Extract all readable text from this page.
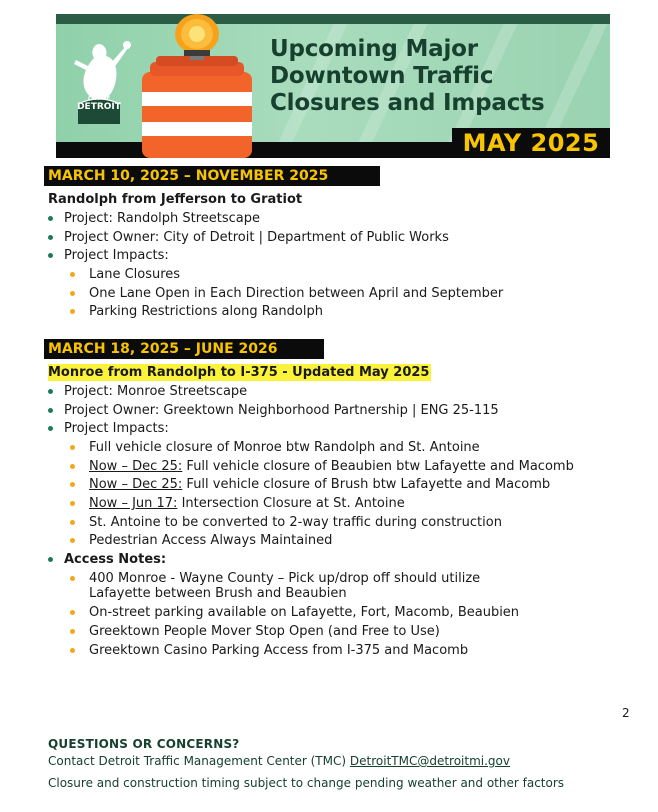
CITY OF
DETROIT
Upcoming Major
Downtown Traffic
Closures and Impacts
MAY 2025
MARCH 10, 2025 – NOVEMBER 2025
Randolph from Jefferson to Gratiot
Project: Randolph Streetscape
Project Owner: City of Detroit | Department of Public Works
Project Impacts:
Lane Closures
One Lane Open in Each Direction between April and September
Parking Restrictions along Randolph
MARCH 18, 2025 – JUNE 2026
Monroe from Randolph to I-375 - Updated May 2025
Project: Monroe Streetscape
Project Owner: Greektown Neighborhood Partnership | ENG 25-115
Project Impacts:
Full vehicle closure of Monroe btw Randolph and St. Antoine
Now – Dec 25: Full vehicle closure of Beaubien btw Lafayette and Macomb
Now – Dec 25: Full vehicle closure of Brush btw Lafayette and Macomb
Now – Jun 17: Intersection Closure at St. Antoine
St. Antoine to be converted to 2-way traffic during construction
Pedestrian Access Always Maintained
Access Notes:
400 Monroe - Wayne County – Pick up/drop off should utilize
Lafayette between Brush and Beaubien
On-street parking available on Lafayette, Fort, Macomb, Beaubien
Greektown People Mover Stop Open (and Free to Use)
Greektown Casino Parking Access from I-375 and Macomb
2
QUESTIONS OR CONCERNS?
Contact Detroit Traffic Management Center (TMC) DetroitTMC@detroitmi.gov
Closure and construction timing subject to change pending weather and other factors
